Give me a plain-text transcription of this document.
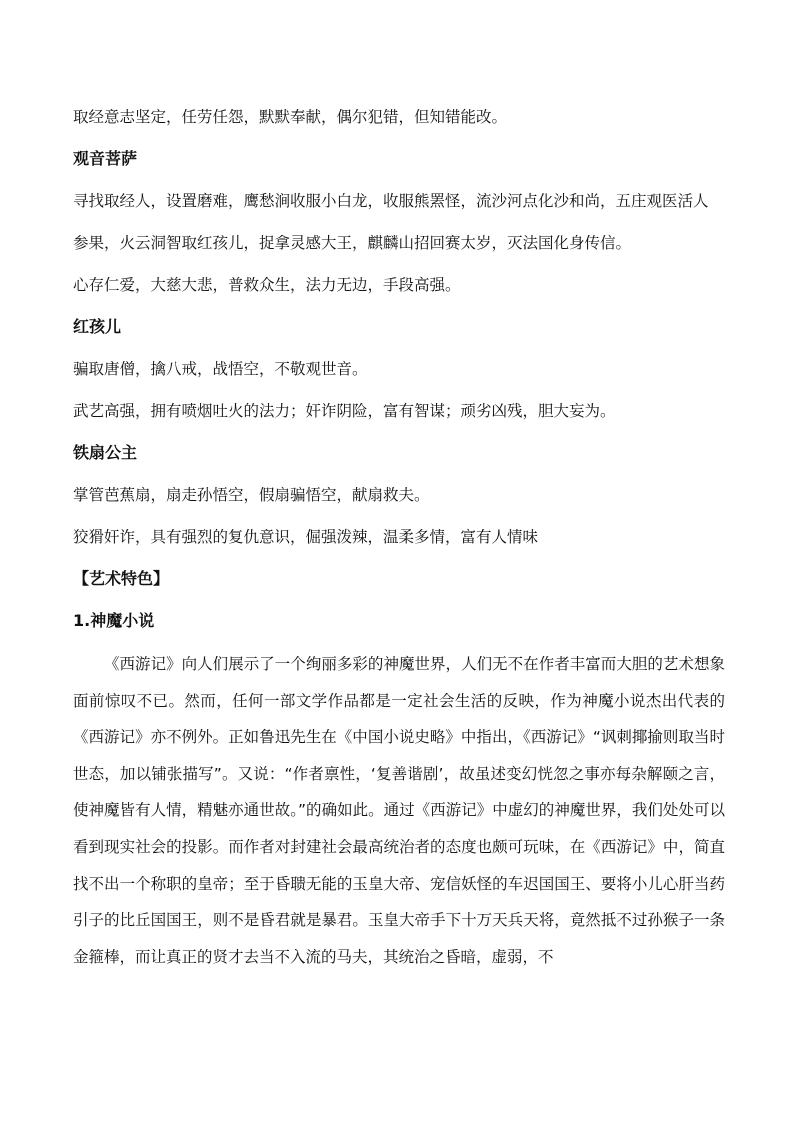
取经意志坚定，任劳任怨，默默奉献，偶尔犯错，但知错能改。
观音菩萨
寻找取经人，设置磨难，鹰愁涧收服小白龙，收服熊罴怪，流沙河点化沙和尚，五庄观医活人
参果，火云洞智取红孩儿，捉拿灵感大王，麒麟山招回赛太岁，灭法国化身传信。
心存仁爱，大慈大悲，普救众生，法力无边，手段高强。
红孩儿
骗取唐僧，擒八戒，战悟空，不敬观世音。
武艺高强，拥有喷烟吐火的法力；奸诈阴险，富有智谋；顽劣凶残，胆大妄为。
铁扇公主
掌管芭蕉扇，扇走孙悟空，假扇骗悟空，献扇救夫。
狡猾奸诈，具有强烈的复仇意识，倔强泼辣，温柔多情，富有人情味
【艺术特色】
1.神魔小说
《西游记》向人们展示了一个绚丽多彩的神魔世界，人们无不在作者丰富而大胆的艺术想象面前惊叹不已。然而，任何一部文学作品都是一定社会生活的反映，作为神魔小说杰出代表的《西游记》亦不例外。正如鲁迅先生在《中国小说史略》中指出，《西游记》“讽刺揶揄则取当时世态，加以铺张描写”。又说：“作者禀性，‘复善谐剧’，故虽述变幻恍忽之事亦每杂解颐之言，使神魔皆有人情，精魅亦通世故。”的确如此。通过《西游记》中虚幻的神魔世界，我们处处可以看到现实社会的投影。而作者对封建社会最高统治者的态度也颇可玩味，在《西游记》中，简直找不出一个称职的皇帝；至于昏聩无能的玉皇大帝、宠信妖怪的车迟国国王、要将小儿心肝当药引子的比丘国国王，则不是昏君就是暴君。玉皇大帝手下十万天兵天将，竟然抵不过孙猴子一条金箍棒，而让真正的贤才去当不入流的马夫，其统治之昏暗，虚弱，不
